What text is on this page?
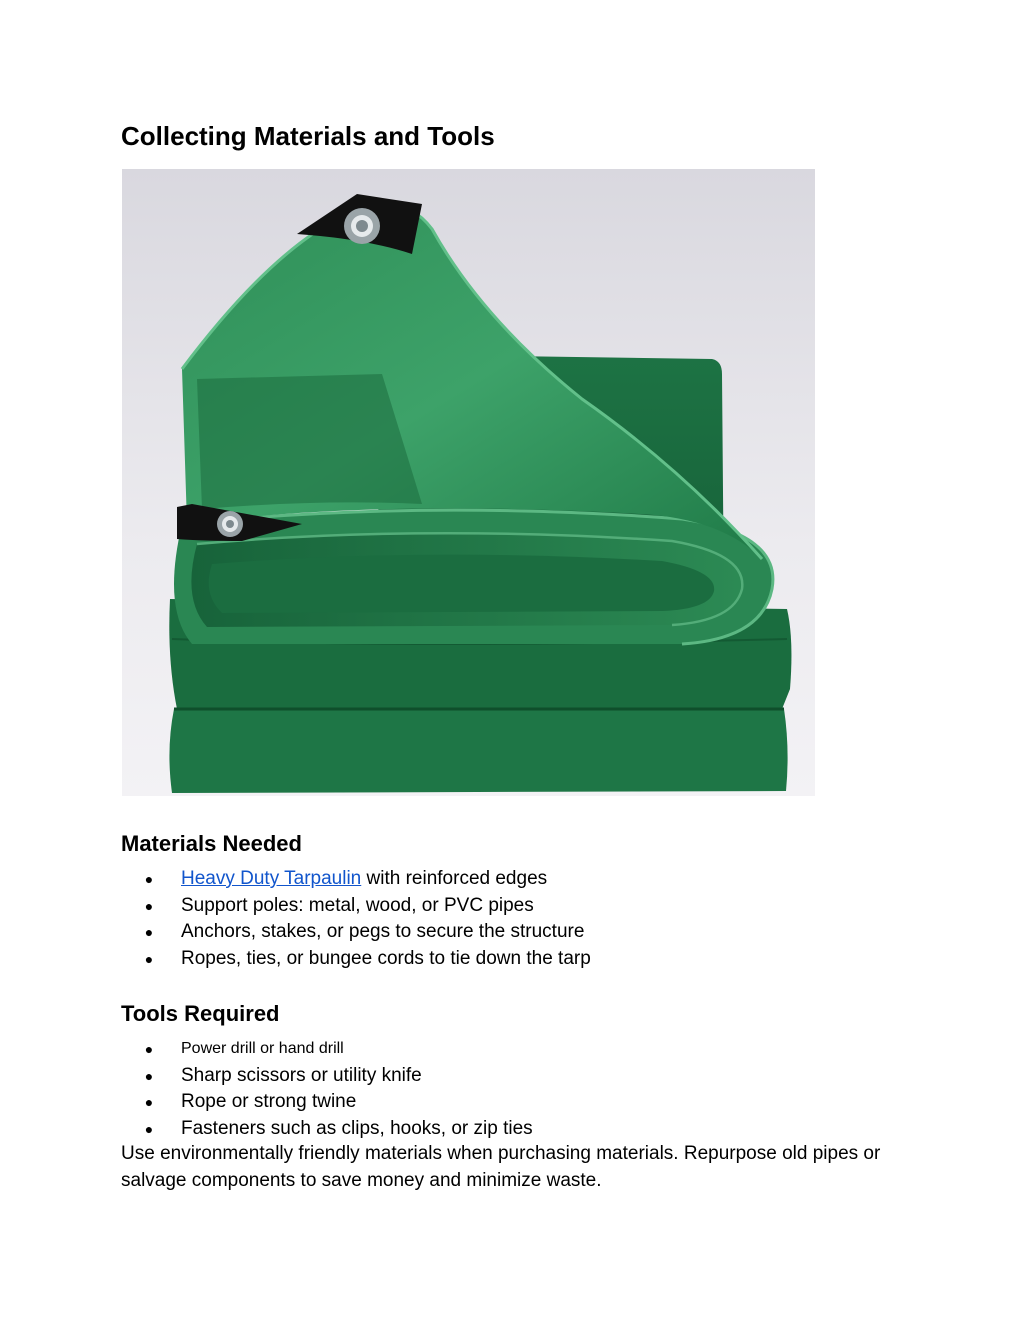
Collecting Materials and Tools
Materials Needed
● Heavy Duty Tarpaulin with reinforced edges
● Support poles: metal, wood, or PVC pipes
● Anchors, stakes, or pegs to secure the structure
● Ropes, ties, or bungee cords to tie down the tarp
Tools Required
● Power drill or hand drill
● Sharp scissors or utility knife
● Rope or strong twine
● Fasteners such as clips, hooks, or zip ties

Use environmentally friendly materials when purchasing materials. Repurpose old pipes or salvage components to save money and minimize waste.
